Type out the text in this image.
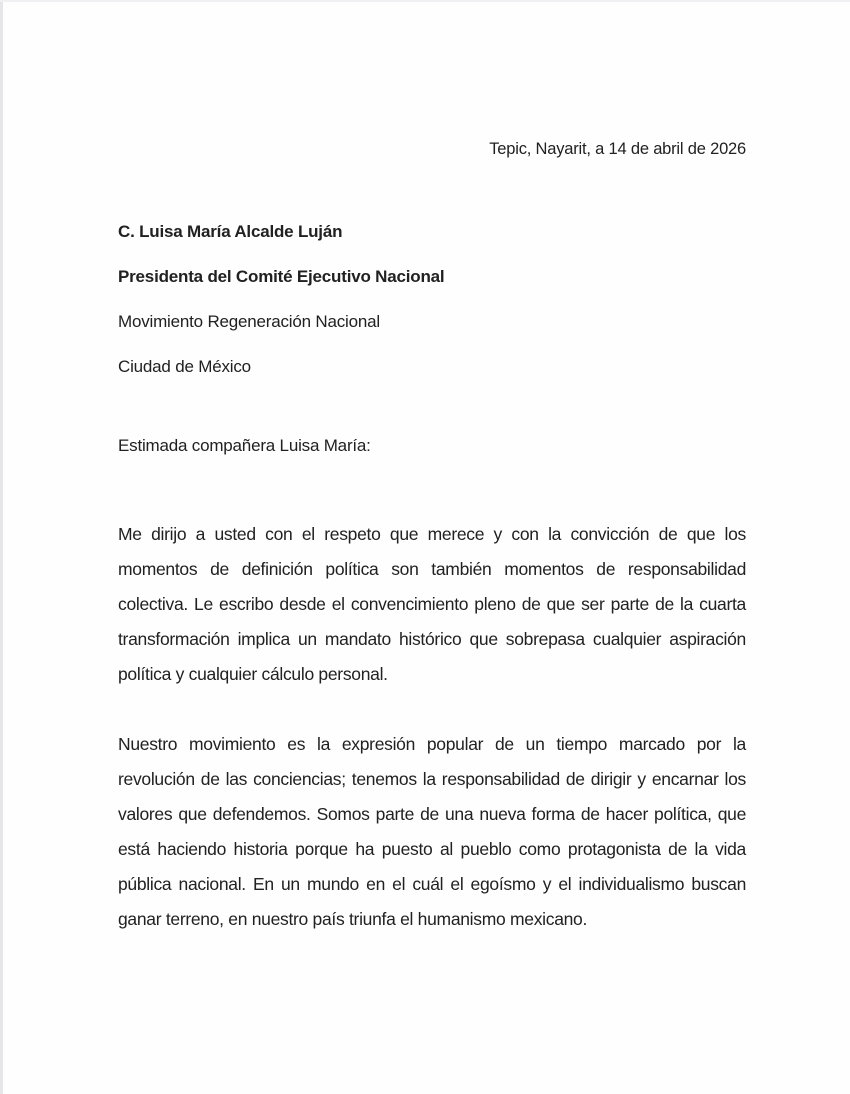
Tepic, Nayarit, a 14 de abril de 2026

C. Luisa María Alcalde Luján

Presidenta del Comité Ejecutivo Nacional

Movimiento Regeneración Nacional

Ciudad de México

Estimada compañera Luisa María:

Me dirijo a usted con el respeto que merece y con la convicción de que los momentos de definición política son también momentos de responsabilidad colectiva. Le escribo desde el convencimiento pleno de que ser parte de la cuarta transformación implica un mandato histórico que sobrepasa cualquier aspiración política y cualquier cálculo personal.

Nuestro movimiento es la expresión popular de un tiempo marcado por la revolución de las conciencias; tenemos la responsabilidad de dirigir y encarnar los valores que defendemos. Somos parte de una nueva forma de hacer política, que está haciendo historia porque ha puesto al pueblo como protagonista de la vida pública nacional. En un mundo en el cuál el egoísmo y el individualismo buscan ganar terreno, en nuestro país triunfa el humanismo mexicano.
